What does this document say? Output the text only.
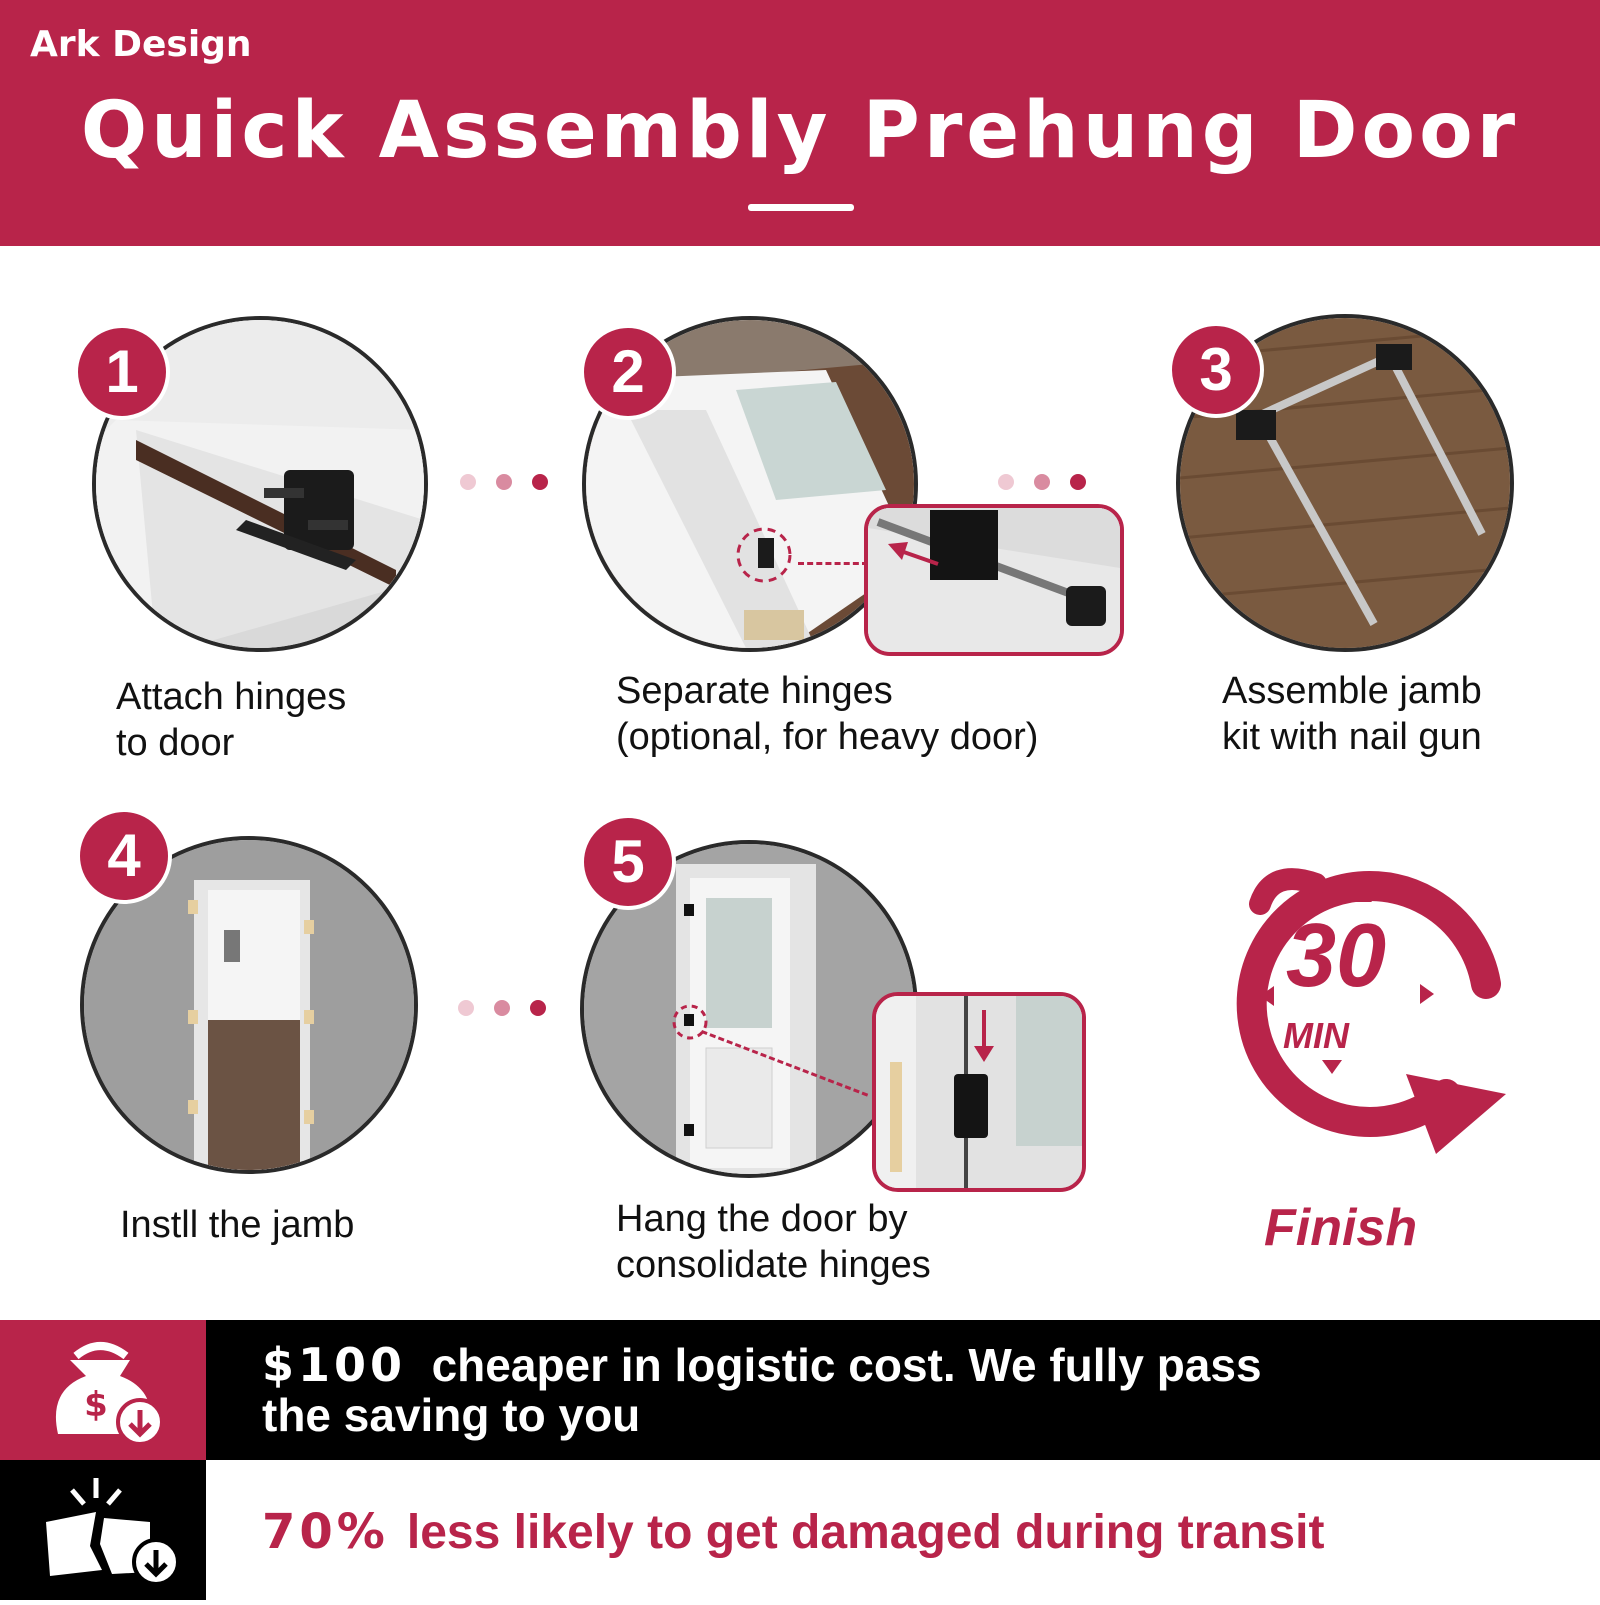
Ark Design
Quick Assembly Prehung Door
1
Attach hinges
to door
2
Separate hinges
(optional, for heavy door)
3
Assemble jamb
kit with nail gun
4
Instll the jamb
5
Hang the door by
consolidate hinges
30
MIN
Finish
$
$100 cheaper in logistic cost. We fully pass
the saving to you
70% less likely to get damaged during transit
